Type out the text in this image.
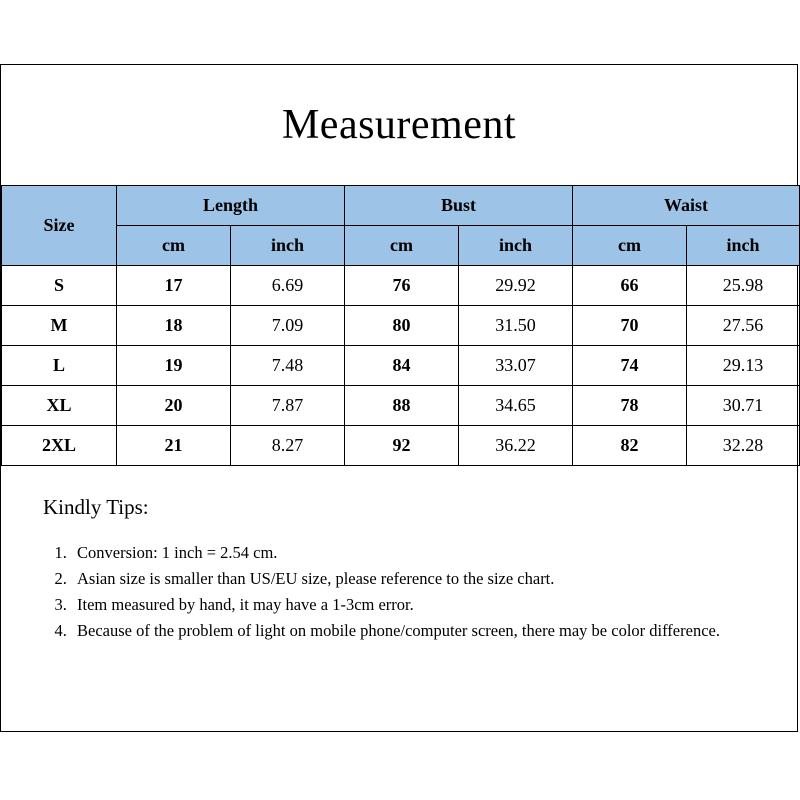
Measurement
Size	Length		Bust		Waist	
	cm	inch	cm	inch	cm	inch
S	17	6.69	76	29.92	66	25.98
M	18	7.09	80	31.50	70	27.56
L	19	7.48	84	33.07	74	29.13
XL	20	7.87	88	34.65	78	30.71
2XL	21	8.27	92	36.22	82	32.28
Kindly Tips:
1. Conversion: 1 inch = 2.54 cm.
2. Asian size is smaller than US/EU size, please reference to the size chart.
3. Item measured by hand, it may have a 1-3cm error.
4. Because of the problem of light on mobile phone/computer screen, there may be color difference.
